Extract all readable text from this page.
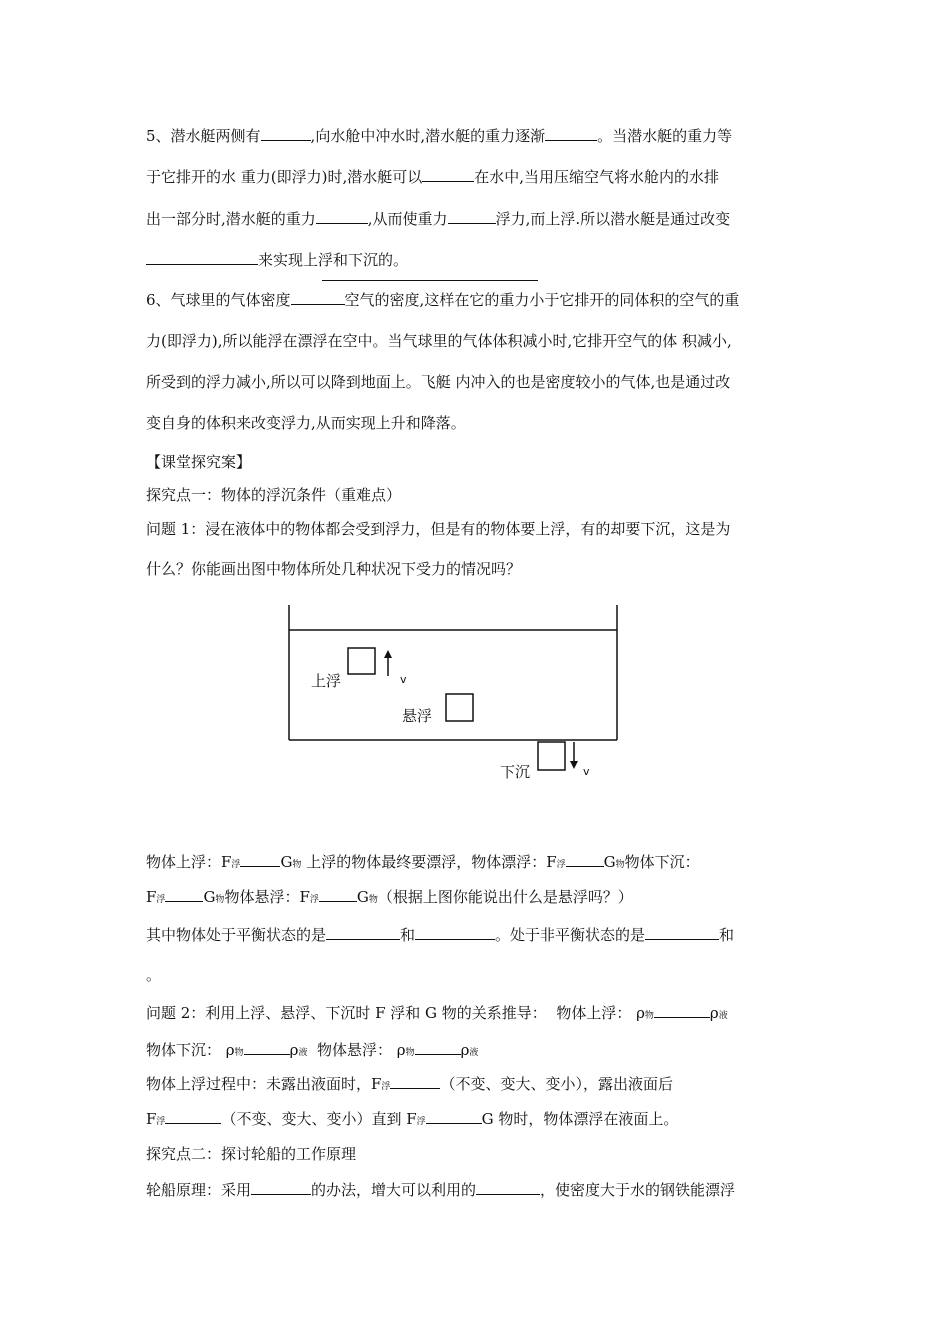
5、潜水艇两侧有	,向水舱中冲水时,潜水艇的重力逐渐	。当潜水艇的重力等
于它排开的水 重力(即浮力)时,潜水艇可以	在水中,当用压缩空气将水舱内的水排
出一部分时,潜水艇的重力	,从而使重力	浮力,而上浮.所以潜水艇是通过改变
来实现上浮和下沉的。
6、气球里的气体密度	空气的密度,这样在它的重力小于它排开的同体积的空气的重
力(即浮力),所以能浮在漂浮在空中。当气球里的气体体积减小时,它排开空气的体 积减小,
所受到的浮力减小,所以可以降到地面上。飞艇 内冲入的也是密度较小的气体,也是通过改
变自身的体积来改变浮力,从而实现上升和降落。
【课堂探究案】
探究点一：物体的浮沉条件（重难点）
问题 1：浸在液体中的物体都会受到浮力，但是有的物体要上浮，有的却要下沉，这是为
什么？你能画出图中物体所处几种状况下受力的情况吗？
v
上浮
悬浮
v
下沉
物体上浮：F浮	G物 上浮的物体最终要漂浮，物体漂浮：F浮	G物物体下沉：
F浮	G物物体悬浮：F浮	G物（根据上图你能说出什么是悬浮吗？）
其中物体处于平衡状态的是	和	。处于非平衡状态的是	和
。
问题 2：利用上浮、悬浮、下沉时 F 浮和 G 物的关系推导：  物体上浮： ρ物	ρ液
物体下沉： ρ物	ρ液  物体悬浮： ρ物	ρ液
物体上浮过程中：未露出液面时，F浮	（不变、变大、变小），露出液面后
F浮	（不变、变大、变小）直到 F浮	G 物时，物体漂浮在液面上。
探究点二：探讨轮船的工作原理
轮船原理：采用	的办法，增大可以利用的	，使密度大于水的钢铁能漂浮
